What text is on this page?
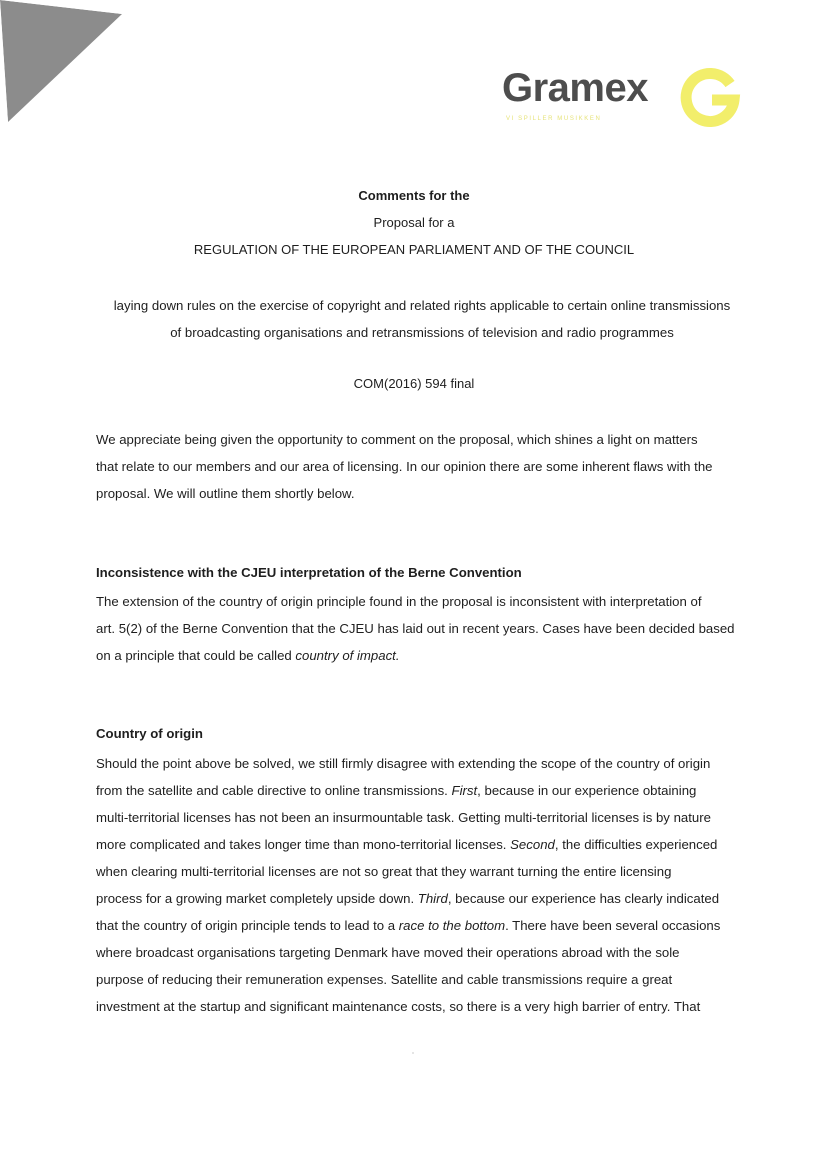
Gramex
VI SPILLER MUSIKKEN
Comments for the
Proposal for a
REGULATION OF THE EUROPEAN PARLIAMENT AND OF THE COUNCIL
laying down rules on the exercise of copyright and related rights applicable to certain online transmissions
of broadcasting organisations and retransmissions of television and radio programmes
COM(2016) 594 final
We appreciate being given the opportunity to comment on the proposal, which shines a light on matters
that relate to our members and our area of licensing. In our opinion there are some inherent flaws with the
proposal. We will outline them shortly below.
Inconsistence with the CJEU interpretation of the Berne Convention
The extension of the country of origin principle found in the proposal is inconsistent with interpretation of
art. 5(2) of the Berne Convention that the CJEU has laid out in recent years. Cases have been decided based
on a principle that could be called country of impact.
Country of origin
Should the point above be solved, we still firmly disagree with extending the scope of the country of origin
from the satellite and cable directive to online transmissions. First, because in our experience obtaining
multi-territorial licenses has not been an insurmountable task. Getting multi-territorial licenses is by nature
more complicated and takes longer time than mono-territorial licenses. Second, the difficulties experienced
when clearing multi-territorial licenses are not so great that they warrant turning the entire licensing
process for a growing market completely upside down. Third, because our experience has clearly indicated
that the country of origin principle tends to lead to a race to the bottom. There have been several occasions
where broadcast organisations targeting Denmark have moved their operations abroad with the sole
purpose of reducing their remuneration expenses. Satellite and cable transmissions require a great
investment at the startup and significant maintenance costs, so there is a very high barrier of entry. That
